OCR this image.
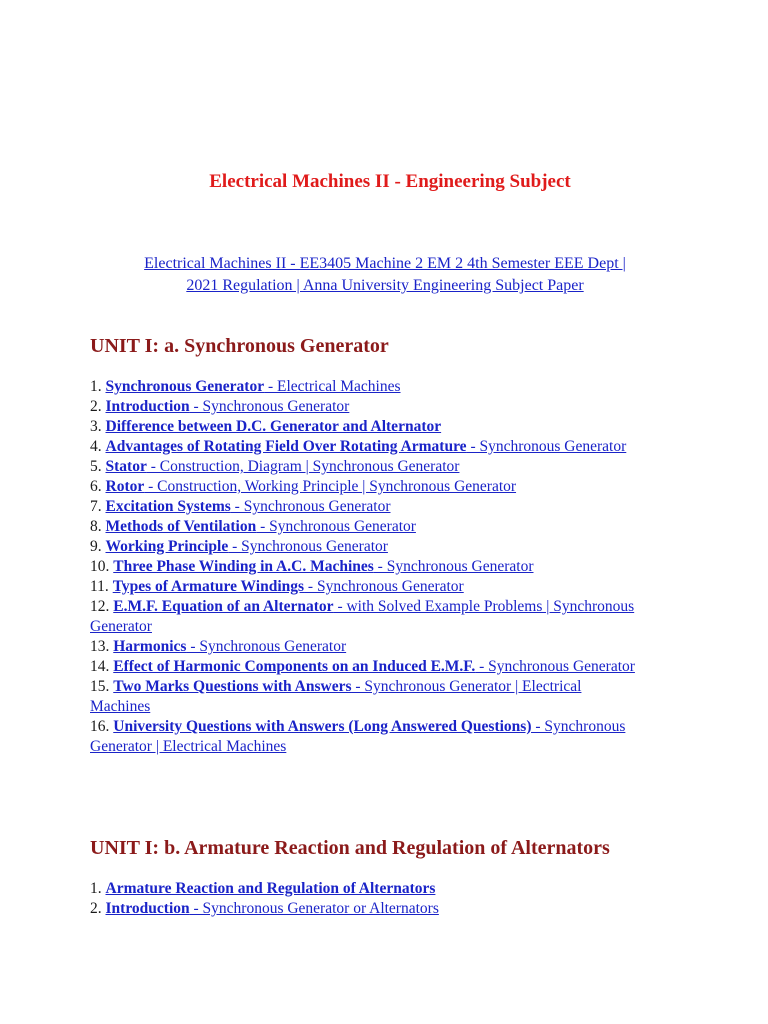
Electrical Machines II - Engineering Subject
Electrical Machines II - EE3405 Machine 2 EM 2 4th Semester EEE Dept |
2021 Regulation | Anna University Engineering Subject Paper
UNIT I: a. Synchronous Generator
1. Synchronous Generator - Electrical Machines
2. Introduction - Synchronous Generator
3. Difference between D.C. Generator and Alternator
4. Advantages of Rotating Field Over Rotating Armature - Synchronous Generator
5. Stator - Construction, Diagram | Synchronous Generator
6. Rotor - Construction, Working Principle | Synchronous Generator
7. Excitation Systems - Synchronous Generator
8. Methods of Ventilation - Synchronous Generator
9. Working Principle - Synchronous Generator
10. Three Phase Winding in A.C. Machines - Synchronous Generator
11. Types of Armature Windings - Synchronous Generator
12. E.M.F. Equation of an Alternator - with Solved Example Problems | Synchronous Generator
13. Harmonics - Synchronous Generator
14. Effect of Harmonic Components on an Induced E.M.F. - Synchronous Generator
15. Two Marks Questions with Answers - Synchronous Generator | Electrical Machines
16. University Questions with Answers (Long Answered Questions) - Synchronous Generator | Electrical Machines
UNIT I: b. Armature Reaction and Regulation of Alternators
1. Armature Reaction and Regulation of Alternators
2. Introduction - Synchronous Generator or Alternators
